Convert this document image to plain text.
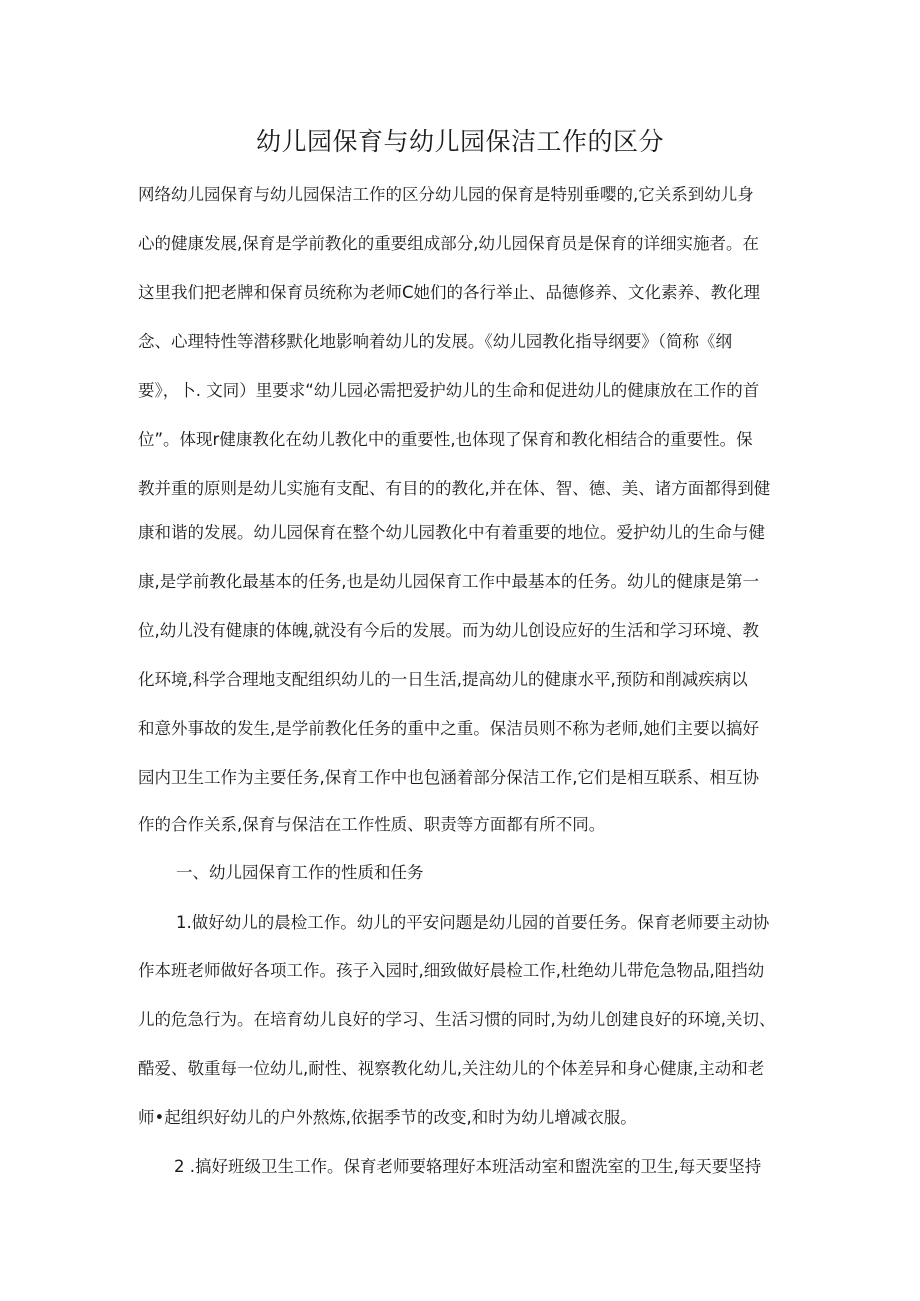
幼儿园保育与幼儿园保洁工作的区分

网络幼儿园保育与幼儿园保洁工作的区分幼儿园的保育是特别垂嘤的,它关系到幼儿身

心的健康发展,保育是学前教化的重要组成部分,幼儿园保育员是保育的详细实施者。在

这里我们把老牌和保育员统称为老师C她们的各行举止、品德修养、文化素养、教化理

念、心理特性等潜移默化地影响着幼儿的发展。《幼儿园教化指导纲要》（简称《纲

要》，卜. 文同）里要求“幼儿园必需把爱护幼儿的生命和促进幼儿的健康放在工作的首

位”。体现r健康教化在幼儿教化中的重要性,也体现了保育和教化相结合的重要性。保

教并重的原则是幼儿实施有支配、有目的的教化,并在体、智、德、美、诸方面都得到健

康和谐的发展。幼儿园保育在整个幼儿园教化中有着重要的地位。爱护幼儿的生命与健

康,是学前教化最基本的任务,也是幼儿园保育工作中最基本的任务。幼儿的健康是第一

位,幼儿没有健康的体魄,就没有今后的发展。而为幼儿创设应好的生活和学习环境、教

化环境,科学合理地支配组织幼儿的一日生活,提高幼儿的健康水平,预防和削减疾病以

和意外事故的发生,是学前教化任务的重中之重。保洁员则不称为老师,她们主要以搞好

园内卫生工作为主要任务,保育工作中也包涵着部分保洁工作,它们是相互联系、相互协

作的合作关系,保育与保洁在工作性质、职责等方面都有所不同。

一、幼儿园保育工作的性质和任务

1.做好幼儿的晨检工作。幼儿的平安问题是幼儿园的首要任务。保育老师要主动协

作本班老师做好各项工作。孩子入园时,细致做好晨检工作,杜绝幼儿带危急物品,阻挡幼

儿的危急行为。在培育幼儿良好的学习、生活习惯的同时,为幼儿创建良好的环境,关切、

酷爱、敬重每一位幼儿,耐性、视察教化幼儿,关注幼儿的个体差异和身心健康,主动和老

师•起组织好幼儿的户外熬炼,依据季节的改变,和时为幼儿增减衣服。

2 .搞好班级卫生工作。保育老师要辂理好本班活动室和盥洗室的卫生,每天要坚持
